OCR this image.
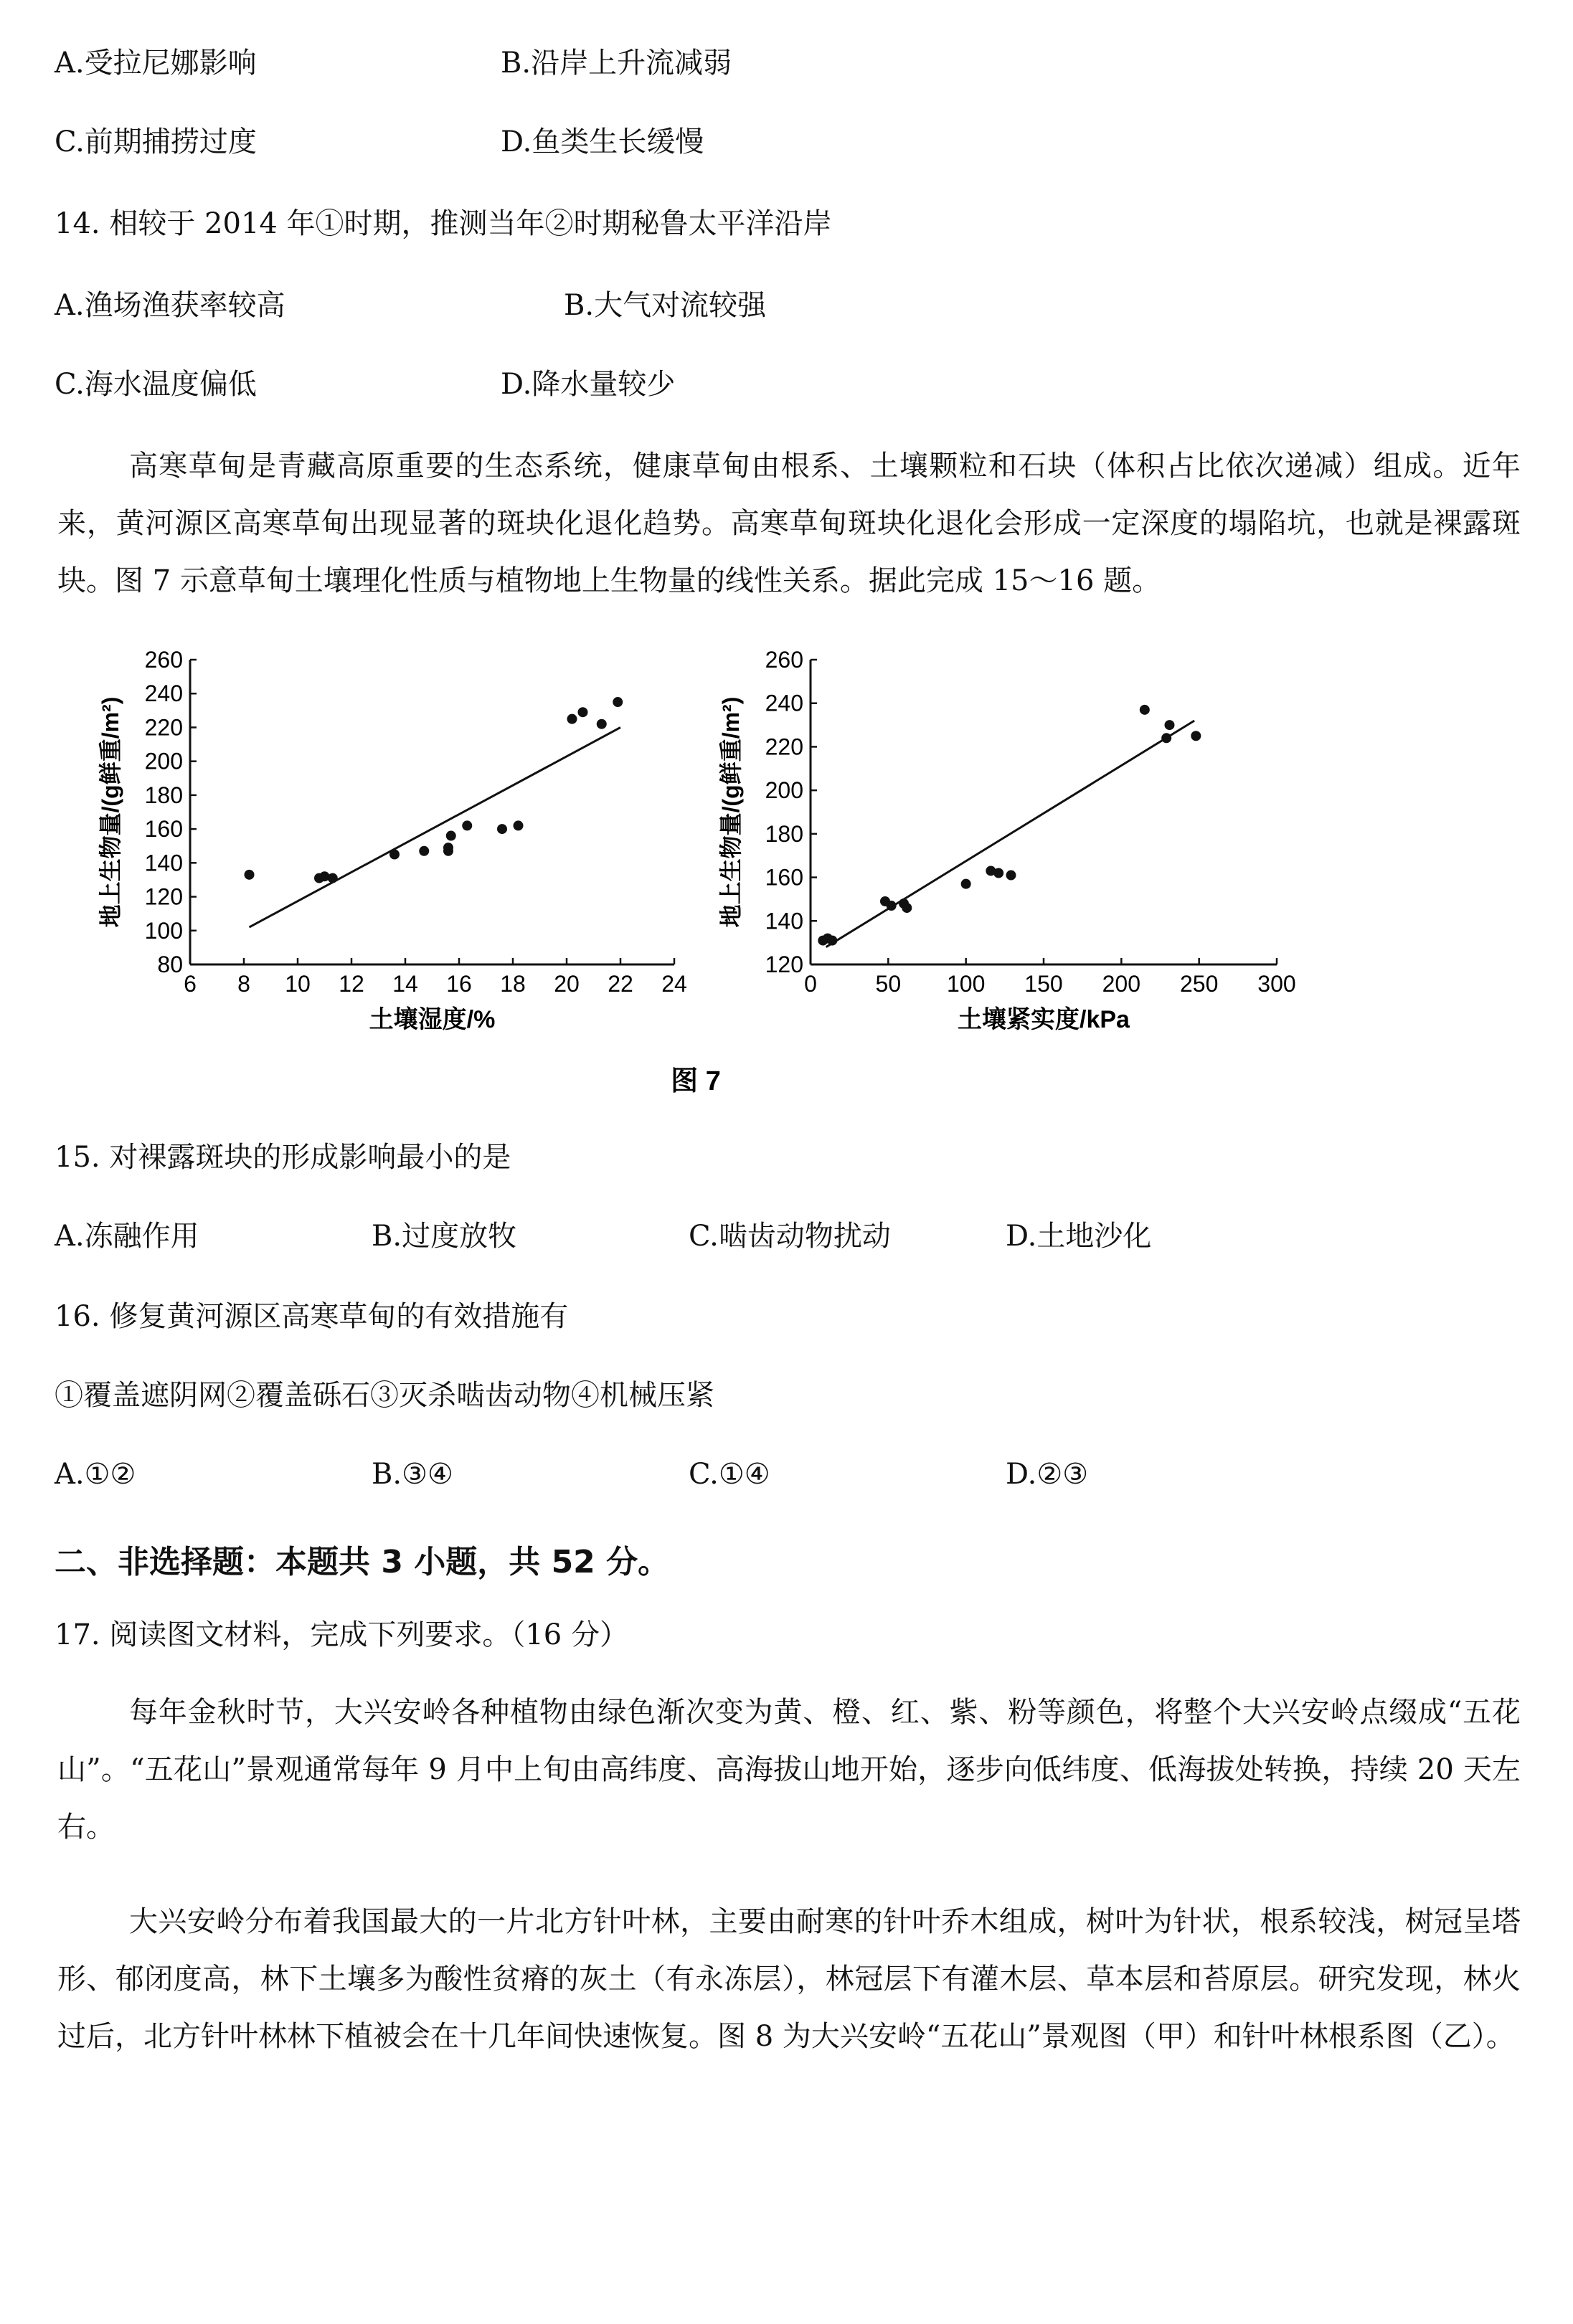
A.受拉尼娜影响	B.沿岸上升流减弱
C.前期捕捞过度	D.鱼类生长缓慢
14. 相较于 2014 年①时期，推测当年②时期秘鲁太平洋沿岸
A.渔场渔获率较高	B.大气对流较强
C.海水温度偏低	D.降水量较少
高寒草甸是青藏高原重要的生态系统，健康草甸由根系、土壤颗粒和石块（体积占比依次递减）组成。近年来，黄河源区高寒草甸出现显著的斑块化退化趋势。高寒草甸斑块化退化会形成一定深度的塌陷坑，也就是裸露斑块。图 7 示意草甸土壤理化性质与植物地上生物量的线性关系。据此完成 15～16 题。
6 8 10 12 14 16 18 20 22 24
80
100
120
140
160
180
200
220
240
260
土壤湿度/%
地上生物量/(g鲜重/m²)
0	50 100 150 200 250 300
120
140
160
180
200
220
240
260
土壤紧实度/kPa
地上生物量/(g鲜重/m²)
图 7
15. 对裸露斑块的形成影响最小的是
A.冻融作用	B.过度放牧	C.啮齿动物扰动	D.土地沙化
16. 修复黄河源区高寒草甸的有效措施有
①覆盖遮阴网②覆盖砾石③灭杀啮齿动物④机械压紧
A.①②	B.③④	C.①④	D.②③
二、非选择题：本题共 3 小题，共 52 分。
17. 阅读图文材料，完成下列要求。（16 分）
每年金秋时节，大兴安岭各种植物由绿色渐次变为黄、橙、红、紫、粉等颜色，将整个大兴安岭点缀成“五花山”。“五花山”景观通常每年 9 月中上旬由高纬度、高海拔山地开始，逐步向低纬度、低海拔处转换，持续 20 天左右。
大兴安岭分布着我国最大的一片北方针叶林，主要由耐寒的针叶乔木组成，树叶为针状，根系较浅，树冠呈塔形、郁闭度高，林下土壤多为酸性贫瘠的灰土（有永冻层），林冠层下有灌木层、草本层和苔原层。研究发现，林火过后，北方针叶林林下植被会在十几年间快速恢复。图 8 为大兴安岭“五花山”景观图（甲）和针叶林根系图（乙）。
